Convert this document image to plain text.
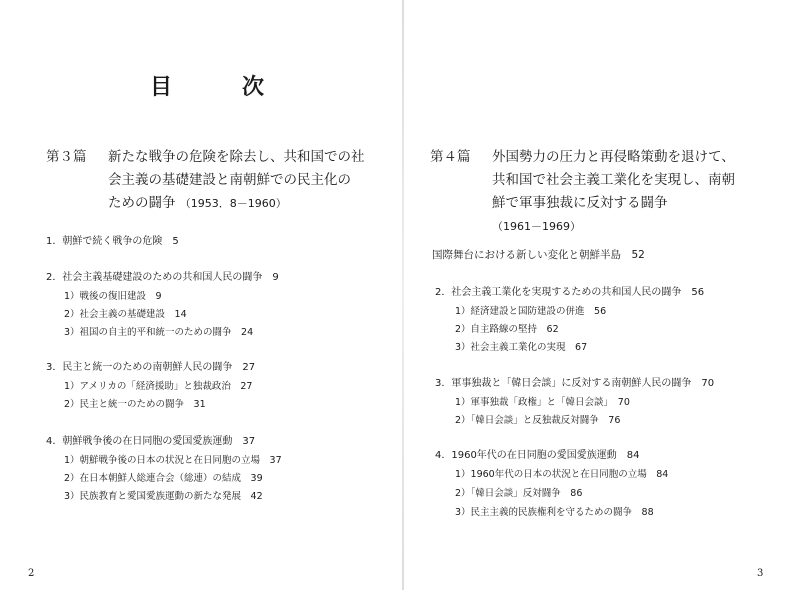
目	次
第３篇 新たな戦争の危険を除去し、共和国での社
会主義の基礎建設と南朝鮮での民主化の
ための闘争 （1953．8－1960）
1．朝鮮で続く戦争の危険　5
2．社会主義基礎建設のための共和国人民の闘争　9
1）戦後の復旧建設　9
2）社会主義の基礎建設　14
3）祖国の自主的平和統一のための闘争　24
3．民主と統一のための南朝鮮人民の闘争　27
1）アメリカの「経済援助」と独裁政治　27
2）民主と統一のための闘争　31
4．朝鮮戦争後の在日同胞の愛国愛族運動　37
1）朝鮮戦争後の日本の状況と在日同胞の立場　37
2）在日本朝鮮人総連合会（総連）の結成　39
3）民族教育と愛国愛族運動の新たな発展　42
2
第４篇 外国勢力の圧力と再侵略策動を退けて、
共和国で社会主義工業化を実現し、南朝
鮮で軍事独裁に反対する闘争
（1961－1969）
国際舞台における新しい変化と朝鮮半島　52
2．社会主義工業化を実現するための共和国人民の闘争　56
1）経済建設と国防建設の併進　56
2）自主路線の堅持　62
3）社会主義工業化の実現　67
3．軍事独裁と「韓日会談」に反対する南朝鮮人民の闘争　70
1）軍事独裁「政権」と「韓日会談」　70
2）「韓日会談」と反独裁反対闘争　76
4．1960年代の在日同胞の愛国愛族運動　84
1）1960年代の日本の状況と在日同胞の立場　84
2）「韓日会談」反対闘争　86
3）民主主義的民族権利を守るための闘争　88
3
